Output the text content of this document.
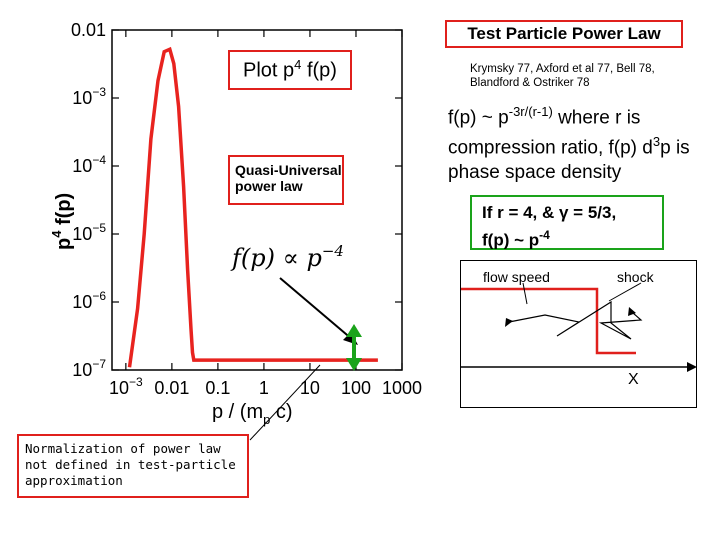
$10^{-3}$ 0.01 0.1 1 10 100 1000
0.01
$10^{-3}$
$10^{-4}$
$10^{-5}$
$10^{-6}$
$10^{-7}$
$p^4$ f(p)
p / ($m_p$ c)
$f(p) \propto p^{-4}$
Test Particle Power Law
Krymsky 77, Axford et al 77, Bell 78, Blandford & Ostriker 78
f(p) ~ $p^{-3r/(r-1)}$ where r is compression ratio, f(p) $d^3p$ is phase space density
Plot $p^4$ f(p)
Quasi-Universal power law
If r = 4, & γ = 5/3,
f(p) ~ $p^{-4}$
Normalization of power law not defined in test-particle approximation
flow speed	shock
X
